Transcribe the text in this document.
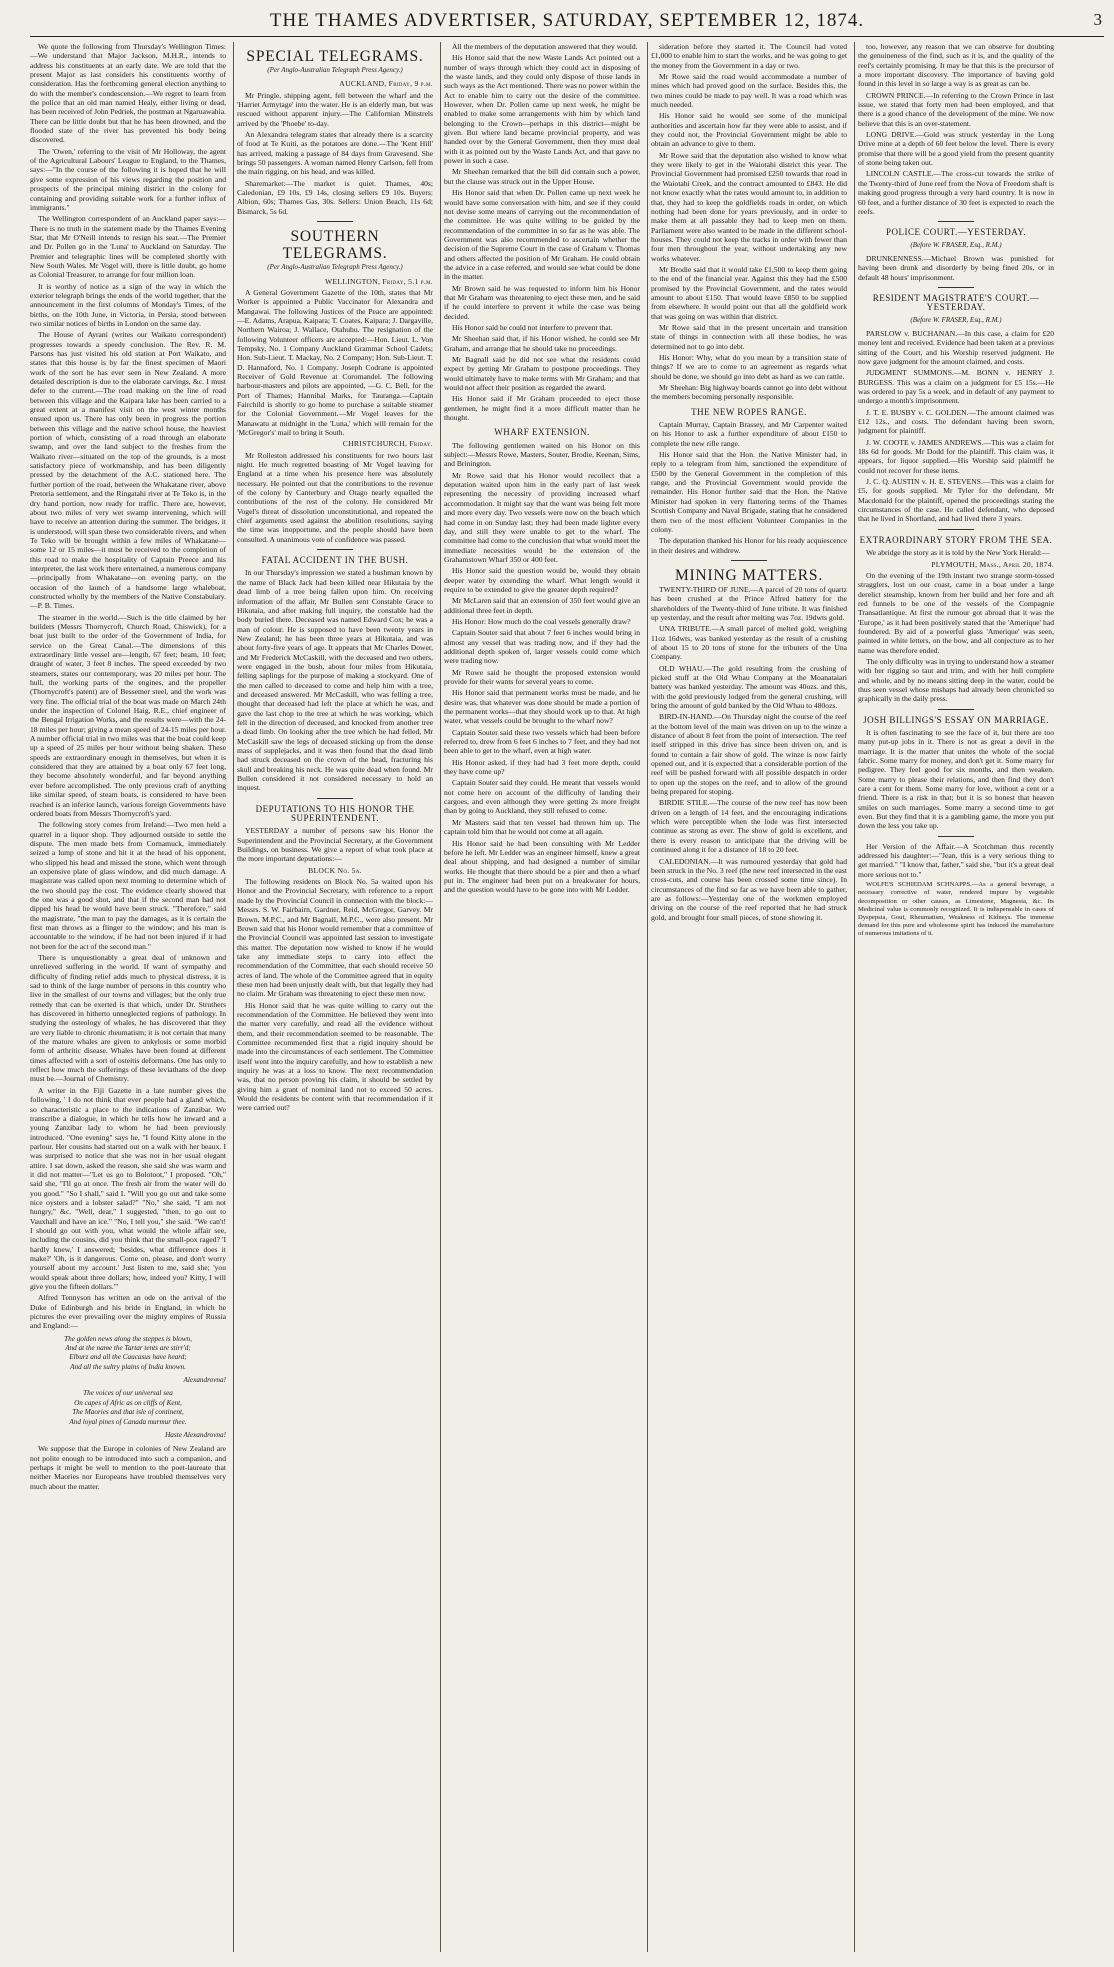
THE THAMES ADVERTISER, SATURDAY, SEPTEMBER 12, 1874.	3

We quote the following from Thursday's Wellington Times:—We understand that Major Jackson, M.H.R., intends to address his constituents at an early date. We are told that the present Major as last considers his constituents worthy of consideration. Has the forthcoming general election anything to do with the member's condescension.—We regret to learn from the police that an old man named Healy, either living or dead, has been received of John Pedriek, the postman at Ngaruawahia. There can be little doubt but that he has been drowned, and the flooded state of the river has prevented his body being discovered.

The 'Owen,' referring to the visit of Mr Holloway, the agent of the Agricultural Labours' League to England, to the Thames, says:—"In the course of the following it is hoped that he will give some expression of his views regarding the position and prospects of the principal mining district in the colony for containing and providing suitable work for a further influx of immigrants."

The Wellington correspondent of an Auckland paper says:—There is no truth in the statement made by the Thames Evening Star, that Mr O'Neill intends to resign his seat.—The Premier and Dr. Pollen go in the 'Luna' to Auckland on Saturday. The Premier and telegraphic lines will be completed shortly with New South Wales. Mr Vogel will, there is little doubt, go home as Colonial Treasurer, to arrange for four million loan.

It is worthy of notice as a sign of the way in which the exterior telegraph brings the ends of the world together, that the announcement in the first columns of Monday's Times, of the births, on the 10th June, in Victoria, in Persia, stood between two similar notices of births in London on the same day.

The House of Ayrani (writes our Waikato correspondent) progresses towards a speedy conclusion. The Rev. R. M. Parsons has just visited his old station at Port Waikato, and states that this house is by far the finest specimen of Maori work of the sort he has ever seen in New Zealand. A more detailed description is due to the elaborate carvings, &c. I must defer to the current.—The road making on the line of road between this village and the Kaipara lake has been carried to a great extent at a manifest visit on the west winter months ensued upon us. There has only been in progress the portion between this village and the native school house, the heaviest portion of which, consisting of a road through an elaborate swamp, and over the land subject to the freshes from the Waikato river—situated on the top of the grounds, is a most satisfactory piece of workmanship, and has been diligently pressed by the detachment of the A.C. stationed here. The further portion of the road, between the Whakatane river, above Pretoria settlement, and the Ringatahi river at Te Teko is, in the dry hand portion, now ready for traffic. There are, however, about two miles of very wet swamp intervening, which will have to receive an attention during the summer. The bridges, it is understood, will span these two considerable rivers, and when Te Teko will be brought within a few miles of Whakatane—some 12 or 15 miles—it must be received to the completion of this road to make the hospitality of Captain Preece and his interpreter, the last work there entertained, a numerous company—principally from Whakatane—on evening party, on the occasion of the launch of a handsome large whaleboat, constructed wholly by the members of the Native Constabulary.—P. B. Times.

The steamer in the world.—Such is the title claimed by her builders (Messrs Thornycroft, Church Road, Chiswick), for a boat just built to the order of the Government of India, for service on the Great Canal.—The dimensions of this extraordinary little vessel are—length, 67 feet; beam, 10 feet; draught of water, 3 feet 8 inches. The speed exceeded by two steamers, states our contemporary, was 20 miles per hour. The hull, the working parts of the engines, and the propeller (Thornycroft's patent) are of Bessemer steel, and the work was very fine. The official trial of the boat was made on March 24th under the inspection of Colonel Haig, R.E., chief engineer of the Bengal Irrigation Works, and the results were—with the 24-18 miles per hour; giving a mean speed of 24-15 miles per hour. A number official trial in two miles was that the boat could keep up a speed of 25 miles per hour without being shaken. These speeds are extraordinary enough in themselves, but when it is considered that they are attained by a boat only 67 feet long, they become absolutely wonderful, and far beyond anything ever before accomplished. The only previous craft of anything like similar speed, of steam boats, is considered to have been reached is an inferior launch, various foreign Governments have ordered boats from Messrs Thornycroft's yard.

The following story comes from Ireland:—Two men held a quarrel in a liquor shop. They adjourned outside to settle the dispute. The men made bets from Cornamuck, immediately seized a lump of stone and hit it at the head of his opponent, who slipped his head and missed the stone, which went through an expensive plate of glass window, and did much damage. A magistrate was called upon next morning to determine which of the two should pay the cost. The evidence clearly showed that the one was a good shot, and that if the second man had not dipped his head he would have been struck. "Therefore," said the magistrate, "the man to pay the damages, as it is certain the first man throws as a flinger to the window; and his man is accountable to the window, if he had not been injured if it had not been for the act of the second man."

There is unquestionably a great deal of unknown and unrelieved suffering in the world. If want of sympathy and difficulty of finding relief adds much to physical distress, it is sad to think of the large number of persons in this country who live in the smallest of our towns and villages; but the only true remedy that can be exerted is that which, under Dr. Struthers has discovered in hitherto unneglected regions of pathology. In studying the osteology of whales, he has discovered that they are very liable to chronic rheumatism; it is not certain that many of the mature whales are given to ankylosis or some morbid form of arthritic disease. Whales have been found at different times affected with a sort of osteitis deformans. One has only to reflect how much the sufferings of these leviathans of the deep must be.—Journal of Chemistry.

A writer in the Fiji Gazette in a late number gives the following, ' I do not think that ever people had a gland which, so characteristic a place to the indications of Zanzibar. We transcribe a dialogue, in which he tells how he inward and a young Zanzibar lady to whom he had been previously introduced. "One evening" says he, "I found Kitty alone in the parlour. Her cousins had started out on a walk with her beaux. I was surprised to notice that she was not in her usual elegant attire. I sat down, asked the reason, she said she was warm and it did not matter—"Let us go to Bolotoot," I proposed. "Oh," said she, "I'll go at once. The fresh air from the water will do you good." "So I shall," said I. "Will you go out and take some nice oysters and a lobster salad?" "No," she said, "I am not hungry," &c. "Well, dear," I suggested, "then, to go out to Vauxhall and have an ice." "No, I tell you," she said. "We can't! I should go out with you, what would the whole affair see, including the cousins, did you think that the small-pox raged? 'I hardly knew,' I answered; 'besides, what difference does it make?' 'Oh, is it dangerous. Come on, please, and don't worry yourself about my account.' Just listen to me, said she; 'you would speak about three dollars; how, indeed you? Kitty, I will give you the fifteen dollars.'"

Alfred Tennyson has written an ode on the arrival of the Duke of Edinburgh and his bride in England, in which he pictures the ever prevailing over the mighty empires of Russia and England:—

The golden news along the steppes is blown,
And at the name the Tartar tents are stirr'd;
Elburz and all the Caucasus have heard;
And all the sultry plains of India known.

Alexandrovna!

The voices of our universal sea
On capes of Afric as on cliffs of Kent,
The Maories and that isle of continent,
And loyal pines of Canada murmur thee.

Haste Alexandrovna!

We suppose that the Europe in colonies of New Zealand are not polite enough to be introduced into such a companion, and perhaps it might be well to mention to the poet-laureate that neither Maories nor Europeans have troubled themselves very much about the matter.

SPECIAL TELEGRAMS.
(Per Anglo-Australian Telegraph Press Agency.)

AUCKLAND, Friday, 9 p.m.

Mr Pringle, shipping agent, fell between the wharf and the 'Harriet Armytage' into the water. He is an elderly man, but was rescued without apparent injury.—The Californian Minstrels arrived by the 'Phoebe' to-day.

An Alexandra telegram states that already there is a scarcity of food at Te Kuiti, as the potatoes are done.—The 'Kent Hill' has arrived, making a passage of 84 days from Gravesend. She brings 50 passengers. A woman named Henry Carlson, fell from the main rigging, on his head, and was killed.

Sharemarket:—The market is quiet. Thames, 40s; Caledonian, £9 10s, £9 14s, closing sellers £9 10s. Buyers: Albion, 60s; Thames Gas, 30s. Sellers: Union Beach, 11s 6d; Bismarck, 5s 6d.

SOUTHERN TELEGRAMS.
(Per Anglo-Australian Telegraph Press Agency.)

WELLINGTON, Friday, 5.1 p.m.

A General Government Gazette of the 10th, states that Mr Worker is appointed a Public Vaccinator for Alexandra and Mangawai. The following Justices of the Peace are appointed:—E. Adams, Arapua, Kaipara; T. Coates, Kaipara; J. Dargaville, Northern Wairoa; J. Wallace, Otahuhu. The resignation of the following Volunteer officers are accepted:—Hon. Lieut. L. Von Tempsky, No. 1 Company Auckland Grammar School Cadets; Hon. Sub-Lieut. T. Mackay, No. 2 Company; Hon. Sub-Lieut. T. D. Hannaford, No. 1 Company. Joseph Codrane is appointed Receiver of Gold Revenue at Coromandel. The following harbour-masters and pilots are appointed, —G. C. Bell, for the Port of Thames; Hannibal Marks, for Tauranga.—Captain Fairchild is shortly to go home to purchase a suitable steamer for the Colonial Government.—Mr Vogel leaves for the Manawatu at midnight in the 'Luna,' which will remain for the 'McGregor's' mail to bring it South.

CHRISTCHURCH, Friday.

Mr Rolleston addressed his constituents for two hours last night. He much regretted boasting of Mr Vogel leaving for England at a time when his presence here was absolutely necessary. He pointed out that the contributions to the revenue of the colony by Canterbury and Otago nearly equalled the contributions of the rest of the colony. He considered Mr Vogel's threat of dissolution unconstitutional, and repeated the chief arguments used against the abolition resolutions, saying the time was inopportune, and the people should have been consulted. A unanimous vote of confidence was passed.

FATAL ACCIDENT IN THE BUSH.

In our Thursday's impression we stated a bushman known by the name of Black Jack had been killed near Hikutaia by the dead limb of a tree being fallen upon him. On receiving information of the affair, Mr Bullen sent Constable Grace to Hikutaia, and after making full inquiry, the constable had the body buried there. Deceased was named Edward Cox; he was a man of colour. He is supposed to have been twenty years in New Zealand; he has been three years at Hikutaia, and was about forty-five years of age. It appears that Mr Charles Dower, and Mr Frederick McCaskill, with the deceased and two others, were engaged in the bush, about four miles from Hikutaia, felling saplings for the purpose of making a stockyard. One of the men called to deceased to come and help him with a tree, and deceased answered. Mr McCaskill, who was felling a tree, thought that deceased had left the place at which he was, and gave the last chop to the tree at which he was working, which fell in the direction of deceased, and knocked from another tree a dead limb. On looking after the tree which he had felled, Mr McCaskill saw the legs of deceased sticking up from the dense mass of supplejacks, and it was then found that the dead limb had struck deceased on the crown of the head, fracturing his skull and breaking his neck. He was quite dead when found. Mr Bullen considered it not considered necessary to hold an inquest.

DEPUTATIONS TO HIS HONOR THE SUPERINTENDENT.

YESTERDAY a number of persons saw his Honor the Superintendent and the Provincial Secretary, at the Government Buildings, on business. We give a report of what took place at the more important deputations:—

BLOCK No. 5a.

The following residents on Block No. 5a waited upon his Honor and the Provincial Secretary, with reference to a report made by the Provincial Council in connection with the block:—Messrs. S. W. Fairbairn, Gardner, Reid, McGregor, Garvey. Mr Brown, M.P.C., and Mr Bagnall, M.P.C., were also present. Mr Brown said that his Honor would remember that a committee of the Provincial Council was appointed last session to investigate this matter. The deputation now wished to know if he would take any immediate steps to carry into effect the recommendation of the Committee, that each should receive 50 acres of land. The whole of the Committee agreed that in equity these men had been unjustly dealt with, but that legally they had no claim. Mr Graham was threatening to eject these men now.

His Honor said that he was quite willing to carry out the recommendation of the Committee. He believed they went into the matter very carefully, and read all the evidence without them, and their recommendation seemed to be reasonable. The Committee recommended first that a rigid inquiry should be made into the circumstances of each settlement. The Committee itself went into the inquiry carefully, and how to establish a new inquiry he was at a loss to know. The next recommendation was, that no person proving his claim, it should be settled by giving him a grant of nominal land not to exceed 50 acres. Would the residents be content with that recommendation if it were carried out?

All the members of the deputation answered that they would.

His Honor said that the new Waste Lands Act pointed out a number of ways through which they could act in disposing of the waste lands, and they could only dispose of those lands in such ways as the Act mentioned. There was no power within the Act to enable him to carry out the desire of the committee. However, when Dr. Pollen came up next week, he might be enabled to make some arrangements with him by which land belonging to the Crown—perhaps in this district—might be given. But where land became provincial property, and was handed over by the General Government, then they must deal with it as pointed out by the Waste Lands Act, and that gave no power in such a case.

Mr Sheehan remarked that the bill did contain such a power, but the clause was struck out in the Upper House.

His Honor said that when Dr. Pollen came up next week he would have some conversation with him, and see if they could not devise some means of carrying out the recommendation of the committee. He was quite willing to be guided by the recommendation of the committee in so far as he was able. The Government was also recommended to ascertain whether the decision of the Supreme Court in the case of Graham v. Thomas and others affected the position of Mr Graham. He could obtain the advice in a case referred, and would see what could be done in the matter.

Mr Brown said he was requested to inform him his Honor that Mr Graham was threatening to eject these men, and he said if he could interfere to prevent it while the case was being decided.

His Honor said he could not interfere to prevent that.

Mr Sheehan said that, if his Honor wished, he could see Mr Graham, and arrange that he should take no proceedings.

Mr Bagnall said he did not see what the residents could expect by getting Mr Graham to postpone proceedings. They would ultimately have to make terms with Mr Graham; and that would not affect their position as regarded the award.

His Honor said if Mr Graham proceeded to eject those gentlemen, he might find it a more difficult matter than he thought.

WHARF EXTENSION.

The following gentlemen waited on his Honor on this subject:—Messrs Rowe, Masters, Souter, Brodie, Keenan, Sims, and Brinington.

Mr Rowe said that his Honor would recollect that a deputation waited upon him in the early part of last week representing the necessity of providing increased wharf accommodation. It might say that the want was being felt more and more every day. Two vessels were now on the beach which had come in on Sunday last; they had been made lighter every day, and still they were unable to get to the wharf. The committee had come to the conclusion that what would meet the immediate necessities would be the extension of the Grahamstown Wharf 350 or 400 feet.

His Honor said the question would be, would they obtain deeper water by extending the wharf. What length would it require to be extended to give the greater depth required?

Mr McLaren said that an extension of 350 feet would give an additional three feet in depth.

His Honor: How much do the coal vessels generally draw?

Captain Souter said that about 7 feet 6 inches would bring in almost any vessel that was trading now, and if they had the additional depth spoken of, larger vessels could come which were trading now.

Mr Rowe said he thought the proposed extension would provide for their wants for several years to come.

His Honor said that permanent works must be made, and he desire was, that whatever was done should be made a portion of the permanent works—that they should work up to that. At high water, what vessels could be brought to the wharf now?

Captain Souter said these two vessels which had been before referred to, drew from 6 feet 6 inches to 7 feet, and they had not been able to get to the wharf, even at high water.

His Honor asked, if they had had 3 feet more depth, could they have come up?

Captain Souter said they could. He meant that vessels would not come here on account of the difficulty of landing their cargoes, and even although they were getting 2s more freight than by going to Auckland, they still refused to come.

Mr Masters said that ten vessel had thrown him up. The captain told him that he would not come at all again.

His Honor said he had been consulting with Mr Ledder before he left. Mr Ledder was an engineer himself, knew a great deal about shipping, and had designed a number of similar works. He thought that there should be a pier and then a wharf put in. The engineer had been put on a breakwater for hours, and the question would have to be gone into with Mr Ledder.

sideration before they started it. The Council had voted £1,000 to enable him to start the works, and he was going to get the money from the Government in a day or two.

Mr Rowe said the road would accommodate a number of mines which had proved good on the surface. Besides this, the two mines could be made to pay well. It was a road which was much needed.

His Honor said he would see some of the municipal authorities and ascertain how far they were able to assist, and if they could not, the Provincial Government might be able to obtain an advance to give to them.

Mr Rowe said that the deputation also wished to know what they were likely to get in the Waiotahi district this year. The Provincial Government had promised £250 towards that road in the Waiotahi Creek, and the contract amounted to £843. He did not know exactly what the rates would amount to, in addition to that, they had to keep the goldfields roads in order, on which nothing had been done for years previously, and in order to make them at all passable they had to keep men on them. Parliament were also wanted to be made in the different school-houses. They could not keep the tracks in order with fewer than four men throughout the year, without undertaking any new works whatever.

Mr Brodie said that it would take £1,500 to keep them going to the end of the financial year. Against this they had the £500 promised by the Provincial Government, and the rates would amount to about £150. That would leave £850 to be supplied from elsewhere. It would point out that all the goldfield work that was going on was within that district.

Mr Rowe said that in the present uncertain and transition state of things in connection with all these bodies, he was determined not to go into debt.

His Honor: Why, what do you mean by a transition state of things? If we are to come to an agreement as regards what should be done, we should go into debt as hard as we can rattle.

Mr Sheehan: Big highway boards cannot go into debt without the members becoming personally responsible.

THE NEW ROPES RANGE.

Captain Murray, Captain Brassey, and Mr Carpenter waited on his Honor to ask a further expenditure of about £150 to complete the new rifle range.

His Honor said that the Hon. the Native Minister had, in reply to a telegram from him, sanctioned the expenditure of £500 by the General Government in the completion of this range, and the Provincial Government would provide the remainder. His Honor further said that the Hon. the Native Minister had spoken in very flattering terms of the Thames Scottish Company and Naval Brigade, stating that he considered them two of the most efficient Volunteer Companies in the colony.

The deputation thanked his Honor for his ready acquiescence in their desires and withdrew.

MINING MATTERS.

TWENTY-THIRD OF JUNE.—A parcel of 20 tons of quartz has been crushed at the Prince Alfred battery for the shareholders of the Twenty-third of June tribute. It was finished up yesterday, and the result after melting was 7oz. 19dwts gold.

UNA TRIBUTE.—A small parcel of melted gold, weighing 11oz 16dwts, was banked yesterday as the result of a crushing of about 15 to 20 tons of stone for the tributers of the Una Company.

OLD WHAU.—The gold resulting from the crushing of picked stuff at the Old Whau Company at the Moanataiari battery was banked yesterday. The amount was 40ozs. and this, with the gold previously lodged from the general crushing, will bring the amount of gold banked by the Old Whau to 480ozs.

BIRD-IN-HAND.—On Thursday night the course of the reef at the bottom level of the main was driven on up to the winze a distance of about 8 feet from the point of intersection. The reef itself stripped in this drive has since been driven on, and is found to contain a fair show of gold. The winze is now fairly opened out, and it is expected that a considerable portion of the reef will be pushed forward with all possible despatch in order to open up the stopes on the reef, and to allow of the ground being prepared for stoping.

BIRDIE STILE.—The course of the new reef has now been driven on a length of 14 feet, and the encouraging indications which were perceptible when the lode was first intersected continue as strong as ever. The show of gold is excellent, and there is every reason to anticipate that the driving will be continued along it for a distance of 18 to 20 feet.

CALEDONIAN.—It was rumoured yesterday that gold had been struck in the No. 3 reef (the new reef intersected in the east cross-cuts, and course has been crossed some time since). In circumstances of the find so far as we have been able to gather, are as follows:—Yesterday one of the workmen employed driving on the course of the reef reported that he had struck gold, and brought four small pieces, of stone showing it.

too, however, any reason that we can observe for doubting the genuineness of the find, such as it is, and the quality of the reef's certainly promising. It may be that this is the precursor of a more important discovery. The importance of having gold found in this level in so large a way is as great as can be.

CROWN PRINCE.—In referring to the Crown Prince in last issue, we stated that forty men had been employed, and that there is a good chance of the development of the mine. We now believe that this is an over-statement.

LONG DRIVE.—Gold was struck yesterday in the Long Drive mine at a depth of 60 feet below the level. There is every promise that there will be a good yield from the present quantity of stone being taken out.

LINCOLN CASTLE.—The cross-cut towards the strike of the Twenty-third of June reef from the Nova of Freedom shaft is making good progress through a very hard country. It is now in 60 feet, and a further distance of 30 feet is expected to reach the reefs.

POLICE COURT.—YESTERDAY.
(Before W. FRASER, Esq., R.M.)

DRUNKENNESS.—Michael Brown was punished for having been drunk and disorderly by being fined 20s, or in default 48 hours' imprisonment.

RESIDENT MAGISTRATE'S COURT.—YESTERDAY.
(Before W. FRASER, Esq., R.M.)

PARSLOW v. BUCHANAN.—In this case, a claim for £20 money lent and received. Evidence had been taken at a previous sitting of the Court, and his Worship reserved judgment. He now gave judgment for the amount claimed, and costs.

JUDGMENT SUMMONS.—M. BONN v. HENRY J. BURGESS. This was a claim on a judgment for £5 15s.—He was ordered to pay 5s a week, and in default of any payment to undergo a month's imprisonment.

J. T. E. BUSBY v. C. GOLDEN.—The amount claimed was £12 12s., and costs. The defendant having been sworn, judgment for plaintiff.

J. W. COOTE v. JAMES ANDREWS.—This was a claim for 18s 6d for goods. Mr Dodd for the plaintiff. This claim was, it appears, for liquor supplied.—His Worship said plaintiff he could not recover for these items.

J. C. Q. AUSTIN v. H. E. STEVENS.—This was a claim for £5, for goods supplied. Mr Tyler for the defendant, Mr Macdonald for the plaintiff, opened the proceedings stating the circumstances of the case. He called defendant, who deposed that he lived in Shortland, and had lived there 3 years.

EXTRAORDINARY STORY FROM THE SEA.

We abridge the story as it is told by the New York Herald:—

PLYMOUTH, Mass., April 20, 1874.

On the evening of the 19th instant two strange storm-tossed stragglers, lost on our coast, came in a boat under a large derelict steamship, known from her build and her fore and aft red funnels to be one of the vessels of the Compagnie Transatlantique. At first the rumour got abroad that it was the 'Europe,' as it had been positively stated that the 'Amerique' had foundered. By aid of a powerful glass 'Amerique' was seen, painted in white letters, on the bow, and all conjecture as to her name was therefore ended.

The only difficulty was in trying to understand how a steamer with her rigging so taut and trim, and with her hull complete and whole, and by no means sitting deep in the water, could be thus seen vessel whose mishaps had already been chronicled so graphically in the daily press.

JOSH BILLINGS'S ESSAY ON MARRIAGE.

It is often fascinating to see the face of it, but there are too many put-up jobs in it. There is not as great a devil in the marriage. It is the matter that unites the whole of the social fabric. Some marry for money, and don't get it. Some marry for pedigree. They feel good for six months, and then weaken. Some marry to please their relations, and then find they don't care a cent for them. Some marry for love, without a cent or a friend. There is a risk in that; but it is so honest that heaven smiles on such marriages. Some marry a second time to get even. But they find that it is a gambling game, the more you put down the less you take up.

Her Version of the Affair.—A Scotchman thus recently addressed his daughter:—"Jean, this is a very serious thing to get married." "I know that, father," said she, "but it's a great deal more serious not to."

WOLFE'S SCHIEDAM SCHNAPPS.—As a general beverage, a necessary corrective of water, rendered impure by vegetable decomposition or other causes, as Limestone, Magnesia, &c. Its Medicinal value is commonly recognized. It is indispensable in cases of Dyspepsia, Gout, Rheumatism, Weakness of Kidneys. The immense demand for this pure and wholesome spirit has induced the manufacture of numerous imitations of it.
